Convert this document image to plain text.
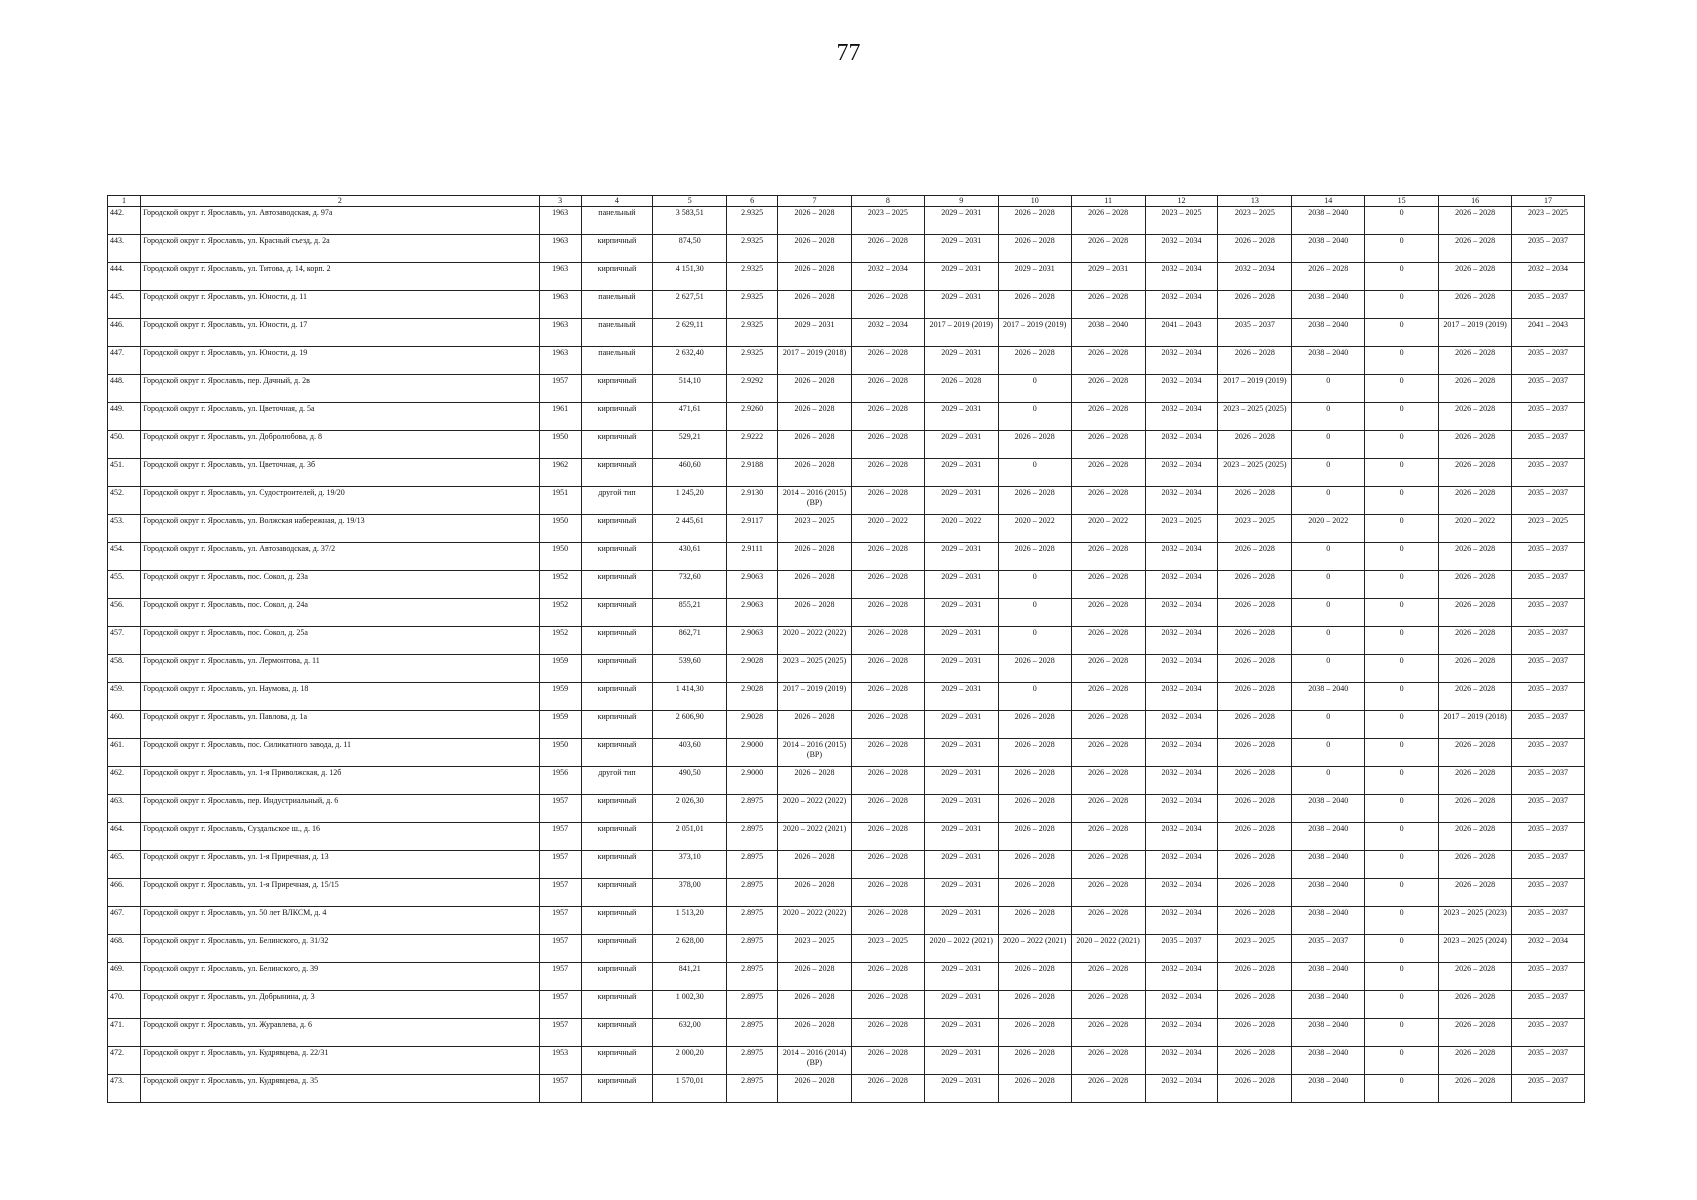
77
1	2	3	4	5	6	7	8	9	10	11	12	13	14	15	16	17
442.	Городской округ г. Ярославль, ул. Автозаводская, д. 97а	1963	панельный	3 583,51	2.9325	2026 – 2028	2023 – 2025	2029 – 2031	2026 – 2028	2026 – 2028	2023 – 2025	2023 – 2025	2038 – 2040	0	2026 – 2028	2023 – 2025
443.	Городской округ г. Ярославль, ул. Красный съезд, д. 2а	1963	кирпичный	874,50	2.9325	2026 – 2028	2026 – 2028	2029 – 2031	2026 – 2028	2026 – 2028	2032 – 2034	2026 – 2028	2038 – 2040	0	2026 – 2028	2035 – 2037
444.	Городской округ г. Ярославль, ул. Титова, д. 14, корп. 2	1963	кирпичный	4 151,30	2.9325	2026 – 2028	2032 – 2034	2029 – 2031	2029 – 2031	2029 – 2031	2032 – 2034	2032 – 2034	2026 – 2028	0	2026 – 2028	2032 – 2034
445.	Городской округ г. Ярославль, ул. Юности, д. 11	1963	панельный	2 627,51	2.9325	2026 – 2028	2026 – 2028	2029 – 2031	2026 – 2028	2026 – 2028	2032 – 2034	2026 – 2028	2038 – 2040	0	2026 – 2028	2035 – 2037
446.	Городской округ г. Ярославль, ул. Юности, д. 17	1963	панельный	2 629,11	2.9325	2029 – 2031	2032 – 2034	2017 – 2019 (2019)	2017 – 2019 (2019)	2038 – 2040	2041 – 2043	2035 – 2037	2038 – 2040	0	2017 – 2019 (2019)	2041 – 2043
447.	Городской округ г. Ярославль, ул. Юности, д. 19	1963	панельный	2 632,40	2.9325	2017 – 2019 (2018)	2026 – 2028	2029 – 2031	2026 – 2028	2026 – 2028	2032 – 2034	2026 – 2028	2038 – 2040	0	2026 – 2028	2035 – 2037
448.	Городской округ г. Ярославль, пер. Дачный, д. 2в	1957	кирпичный	514,10	2.9292	2026 – 2028	2026 – 2028	2026 – 2028	0	2026 – 2028	2032 – 2034	2017 – 2019 (2019)	0	0	2026 – 2028	2035 – 2037
449.	Городской округ г. Ярославль, ул. Цветочная, д. 5а	1961	кирпичный	471,61	2.9260	2026 – 2028	2026 – 2028	2029 – 2031	0	2026 – 2028	2032 – 2034	2023 – 2025 (2025)	0	0	2026 – 2028	2035 – 2037
450.	Городской округ г. Ярославль, ул. Добролюбова, д. 8	1950	кирпичный	529,21	2.9222	2026 – 2028	2026 – 2028	2029 – 2031	2026 – 2028	2026 – 2028	2032 – 2034	2026 – 2028	0	0	2026 – 2028	2035 – 2037
451.	Городской округ г. Ярославль, ул. Цветочная, д. 3б	1962	кирпичный	460,60	2.9188	2026 – 2028	2026 – 2028	2029 – 2031	0	2026 – 2028	2032 – 2034	2023 – 2025 (2025)	0	0	2026 – 2028	2035 – 2037
452.	Городской округ г. Ярославль, ул. Судостроителей, д. 19/20	1951	другой тип	1 245,20	2.9130	2014 – 2016 (2015) (ВР)	2026 – 2028	2029 – 2031	2026 – 2028	2026 – 2028	2032 – 2034	2026 – 2028	0	0	2026 – 2028	2035 – 2037
453.	Городской округ г. Ярославль, ул. Волжская набережная, д. 19/13	1950	кирпичный	2 445,61	2.9117	2023 – 2025	2020 – 2022	2020 – 2022	2020 – 2022	2020 – 2022	2023 – 2025	2023 – 2025	2020 – 2022	0	2020 – 2022	2023 – 2025
454.	Городской округ г. Ярославль, ул. Автозаводская, д. 37/2	1950	кирпичный	430,61	2.9111	2026 – 2028	2026 – 2028	2029 – 2031	2026 – 2028	2026 – 2028	2032 – 2034	2026 – 2028	0	0	2026 – 2028	2035 – 2037
455.	Городской округ г. Ярославль, пос. Сокол, д. 23а	1952	кирпичный	732,60	2.9063	2026 – 2028	2026 – 2028	2029 – 2031	0	2026 – 2028	2032 – 2034	2026 – 2028	0	0	2026 – 2028	2035 – 2037
456.	Городской округ г. Ярославль, пос. Сокол, д. 24а	1952	кирпичный	855,21	2.9063	2026 – 2028	2026 – 2028	2029 – 2031	0	2026 – 2028	2032 – 2034	2026 – 2028	0	0	2026 – 2028	2035 – 2037
457.	Городской округ г. Ярославль, пос. Сокол, д. 25а	1952	кирпичный	862,71	2.9063	2020 – 2022 (2022)	2026 – 2028	2029 – 2031	0	2026 – 2028	2032 – 2034	2026 – 2028	0	0	2026 – 2028	2035 – 2037
458.	Городской округ г. Ярославль, ул. Лермонтова, д. 11	1959	кирпичный	539,60	2.9028	2023 – 2025 (2025)	2026 – 2028	2029 – 2031	2026 – 2028	2026 – 2028	2032 – 2034	2026 – 2028	0	0	2026 – 2028	2035 – 2037
459.	Городской округ г. Ярославль, ул. Наумова, д. 18	1959	кирпичный	1 414,30	2.9028	2017 – 2019 (2019)	2026 – 2028	2029 – 2031	0	2026 – 2028	2032 – 2034	2026 – 2028	2038 – 2040	0	2026 – 2028	2035 – 2037
460.	Городской округ г. Ярославль, ул. Павлова, д. 1а	1959	кирпичный	2 606,90	2.9028	2026 – 2028	2026 – 2028	2029 – 2031	2026 – 2028	2026 – 2028	2032 – 2034	2026 – 2028	0	0	2017 – 2019 (2018)	2035 – 2037
461.	Городской округ г. Ярославль, пос. Силикатного завода, д. 11	1950	кирпичный	403,60	2.9000	2014 – 2016 (2015) (ВР)	2026 – 2028	2029 – 2031	2026 – 2028	2026 – 2028	2032 – 2034	2026 – 2028	0	0	2026 – 2028	2035 – 2037
462.	Городской округ г. Ярославль, ул. 1-я Приволжская, д. 12б	1956	другой тип	490,50	2.9000	2026 – 2028	2026 – 2028	2029 – 2031	2026 – 2028	2026 – 2028	2032 – 2034	2026 – 2028	0	0	2026 – 2028	2035 – 2037
463.	Городской округ г. Ярославль, пер. Индустриальный, д. 6	1957	кирпичный	2 026,30	2.8975	2020 – 2022 (2022)	2026 – 2028	2029 – 2031	2026 – 2028	2026 – 2028	2032 – 2034	2026 – 2028	2038 – 2040	0	2026 – 2028	2035 – 2037
464.	Городской округ г. Ярославль, Суздальское ш., д. 16	1957	кирпичный	2 051,01	2.8975	2020 – 2022 (2021)	2026 – 2028	2029 – 2031	2026 – 2028	2026 – 2028	2032 – 2034	2026 – 2028	2038 – 2040	0	2026 – 2028	2035 – 2037
465.	Городской округ г. Ярославль, ул. 1-я Приречная, д. 13	1957	кирпичный	373,10	2.8975	2026 – 2028	2026 – 2028	2029 – 2031	2026 – 2028	2026 – 2028	2032 – 2034	2026 – 2028	2038 – 2040	0	2026 – 2028	2035 – 2037
466.	Городской округ г. Ярославль, ул. 1-я Приречная, д. 15/15	1957	кирпичный	378,00	2.8975	2026 – 2028	2026 – 2028	2029 – 2031	2026 – 2028	2026 – 2028	2032 – 2034	2026 – 2028	2038 – 2040	0	2026 – 2028	2035 – 2037
467.	Городской округ г. Ярославль, ул. 50 лет ВЛКСМ, д. 4	1957	кирпичный	1 513,20	2.8975	2020 – 2022 (2022)	2026 – 2028	2029 – 2031	2026 – 2028	2026 – 2028	2032 – 2034	2026 – 2028	2038 – 2040	0	2023 – 2025 (2023)	2035 – 2037
468.	Городской округ г. Ярославль, ул. Белинского, д. 31/32	1957	кирпичный	2 628,00	2.8975	2023 – 2025	2023 – 2025	2020 – 2022 (2021)	2020 – 2022 (2021)	2020 – 2022 (2021)	2035 – 2037	2023 – 2025	2035 – 2037	0	2023 – 2025 (2024)	2032 – 2034
469.	Городской округ г. Ярославль, ул. Белинского, д. 39	1957	кирпичный	841,21	2.8975	2026 – 2028	2026 – 2028	2029 – 2031	2026 – 2028	2026 – 2028	2032 – 2034	2026 – 2028	2038 – 2040	0	2026 – 2028	2035 – 2037
470.	Городской округ г. Ярославль, ул. Добрынина, д. 3	1957	кирпичный	1 002,30	2.8975	2026 – 2028	2026 – 2028	2029 – 2031	2026 – 2028	2026 – 2028	2032 – 2034	2026 – 2028	2038 – 2040	0	2026 – 2028	2035 – 2037
471.	Городской округ г. Ярославль, ул. Журавлева, д. 6	1957	кирпичный	632,00	2.8975	2026 – 2028	2026 – 2028	2029 – 2031	2026 – 2028	2026 – 2028	2032 – 2034	2026 – 2028	2038 – 2040	0	2026 – 2028	2035 – 2037
472.	Городской округ г. Ярославль, ул. Кудрявцева, д. 22/31	1953	кирпичный	2 000,20	2.8975	2014 – 2016 (2014) (ВР)	2026 – 2028	2029 – 2031	2026 – 2028	2026 – 2028	2032 – 2034	2026 – 2028	2038 – 2040	0	2026 – 2028	2035 – 2037
473.	Городской округ г. Ярославль, ул. Кудрявцева, д. 35	1957	кирпичный	1 570,01	2.8975	2026 – 2028	2026 – 2028	2029 – 2031	2026 – 2028	2026 – 2028	2032 – 2034	2026 – 2028	2038 – 2040	0	2026 – 2028	2035 – 2037
